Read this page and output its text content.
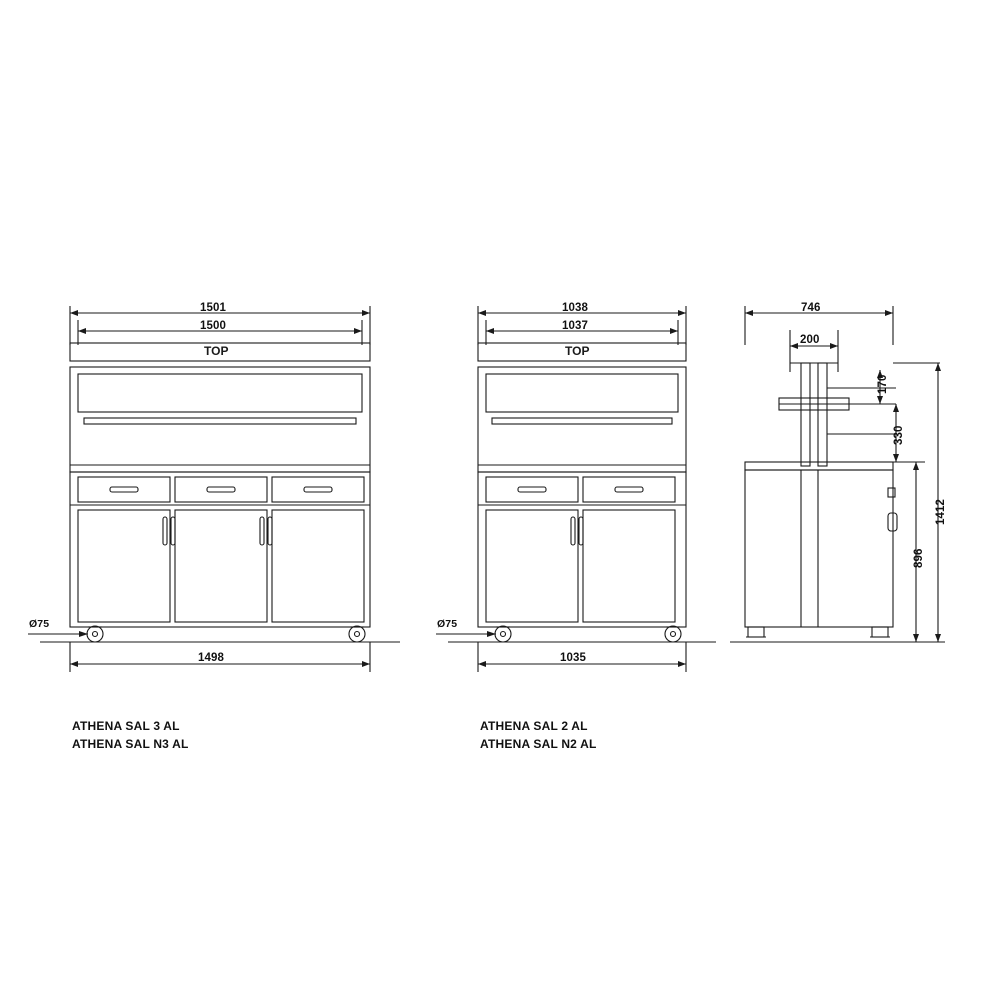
1501
1500
TOP
1498
Ø75
ATHENA SAL 3 AL
ATHENA SAL N3 AL
1038
1037
TOP
1035
Ø75
ATHENA SAL 2 AL
ATHENA SAL N2 AL
746
200
170
330
896
1412
